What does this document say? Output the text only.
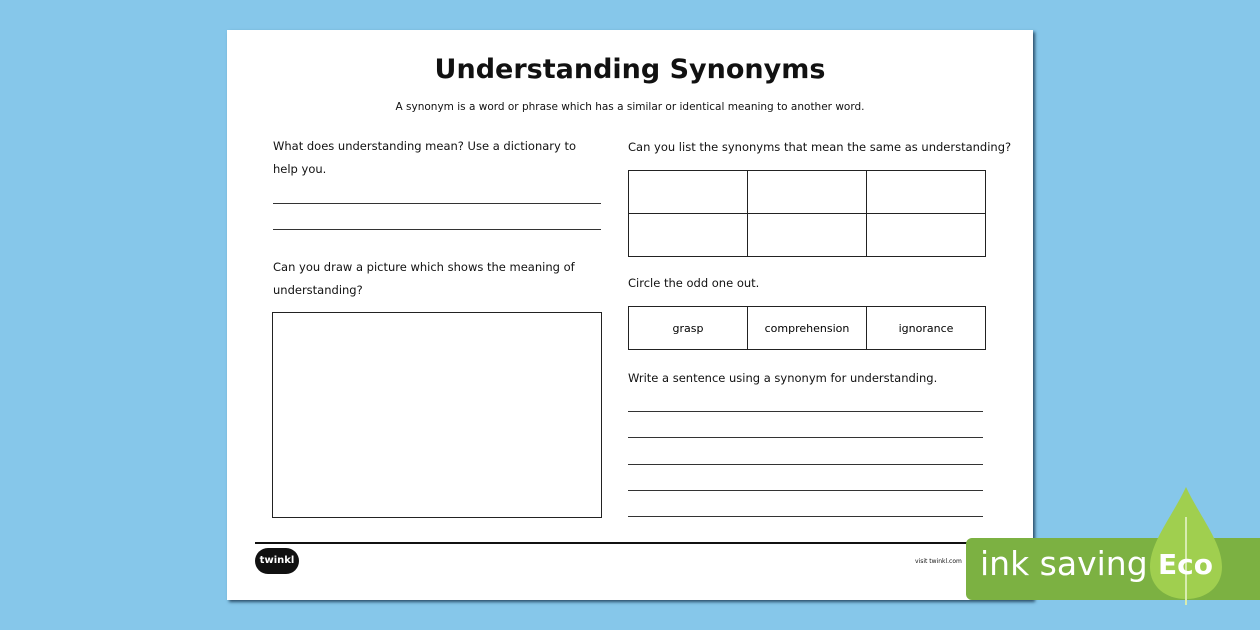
Understanding Synonyms
A synonym is a word or phrase which has a similar or identical meaning to another word.
What does understanding mean? Use a dictionary to
help you.
Can you draw a picture which shows the meaning of
understanding?
Can you list the synonyms that mean the same as understanding?

Circle the odd one out.
grasp	comprehension	ignorance
Write a sentence using a synonym for understanding.
twinkl	visit twinkl.com ink saving Eco
